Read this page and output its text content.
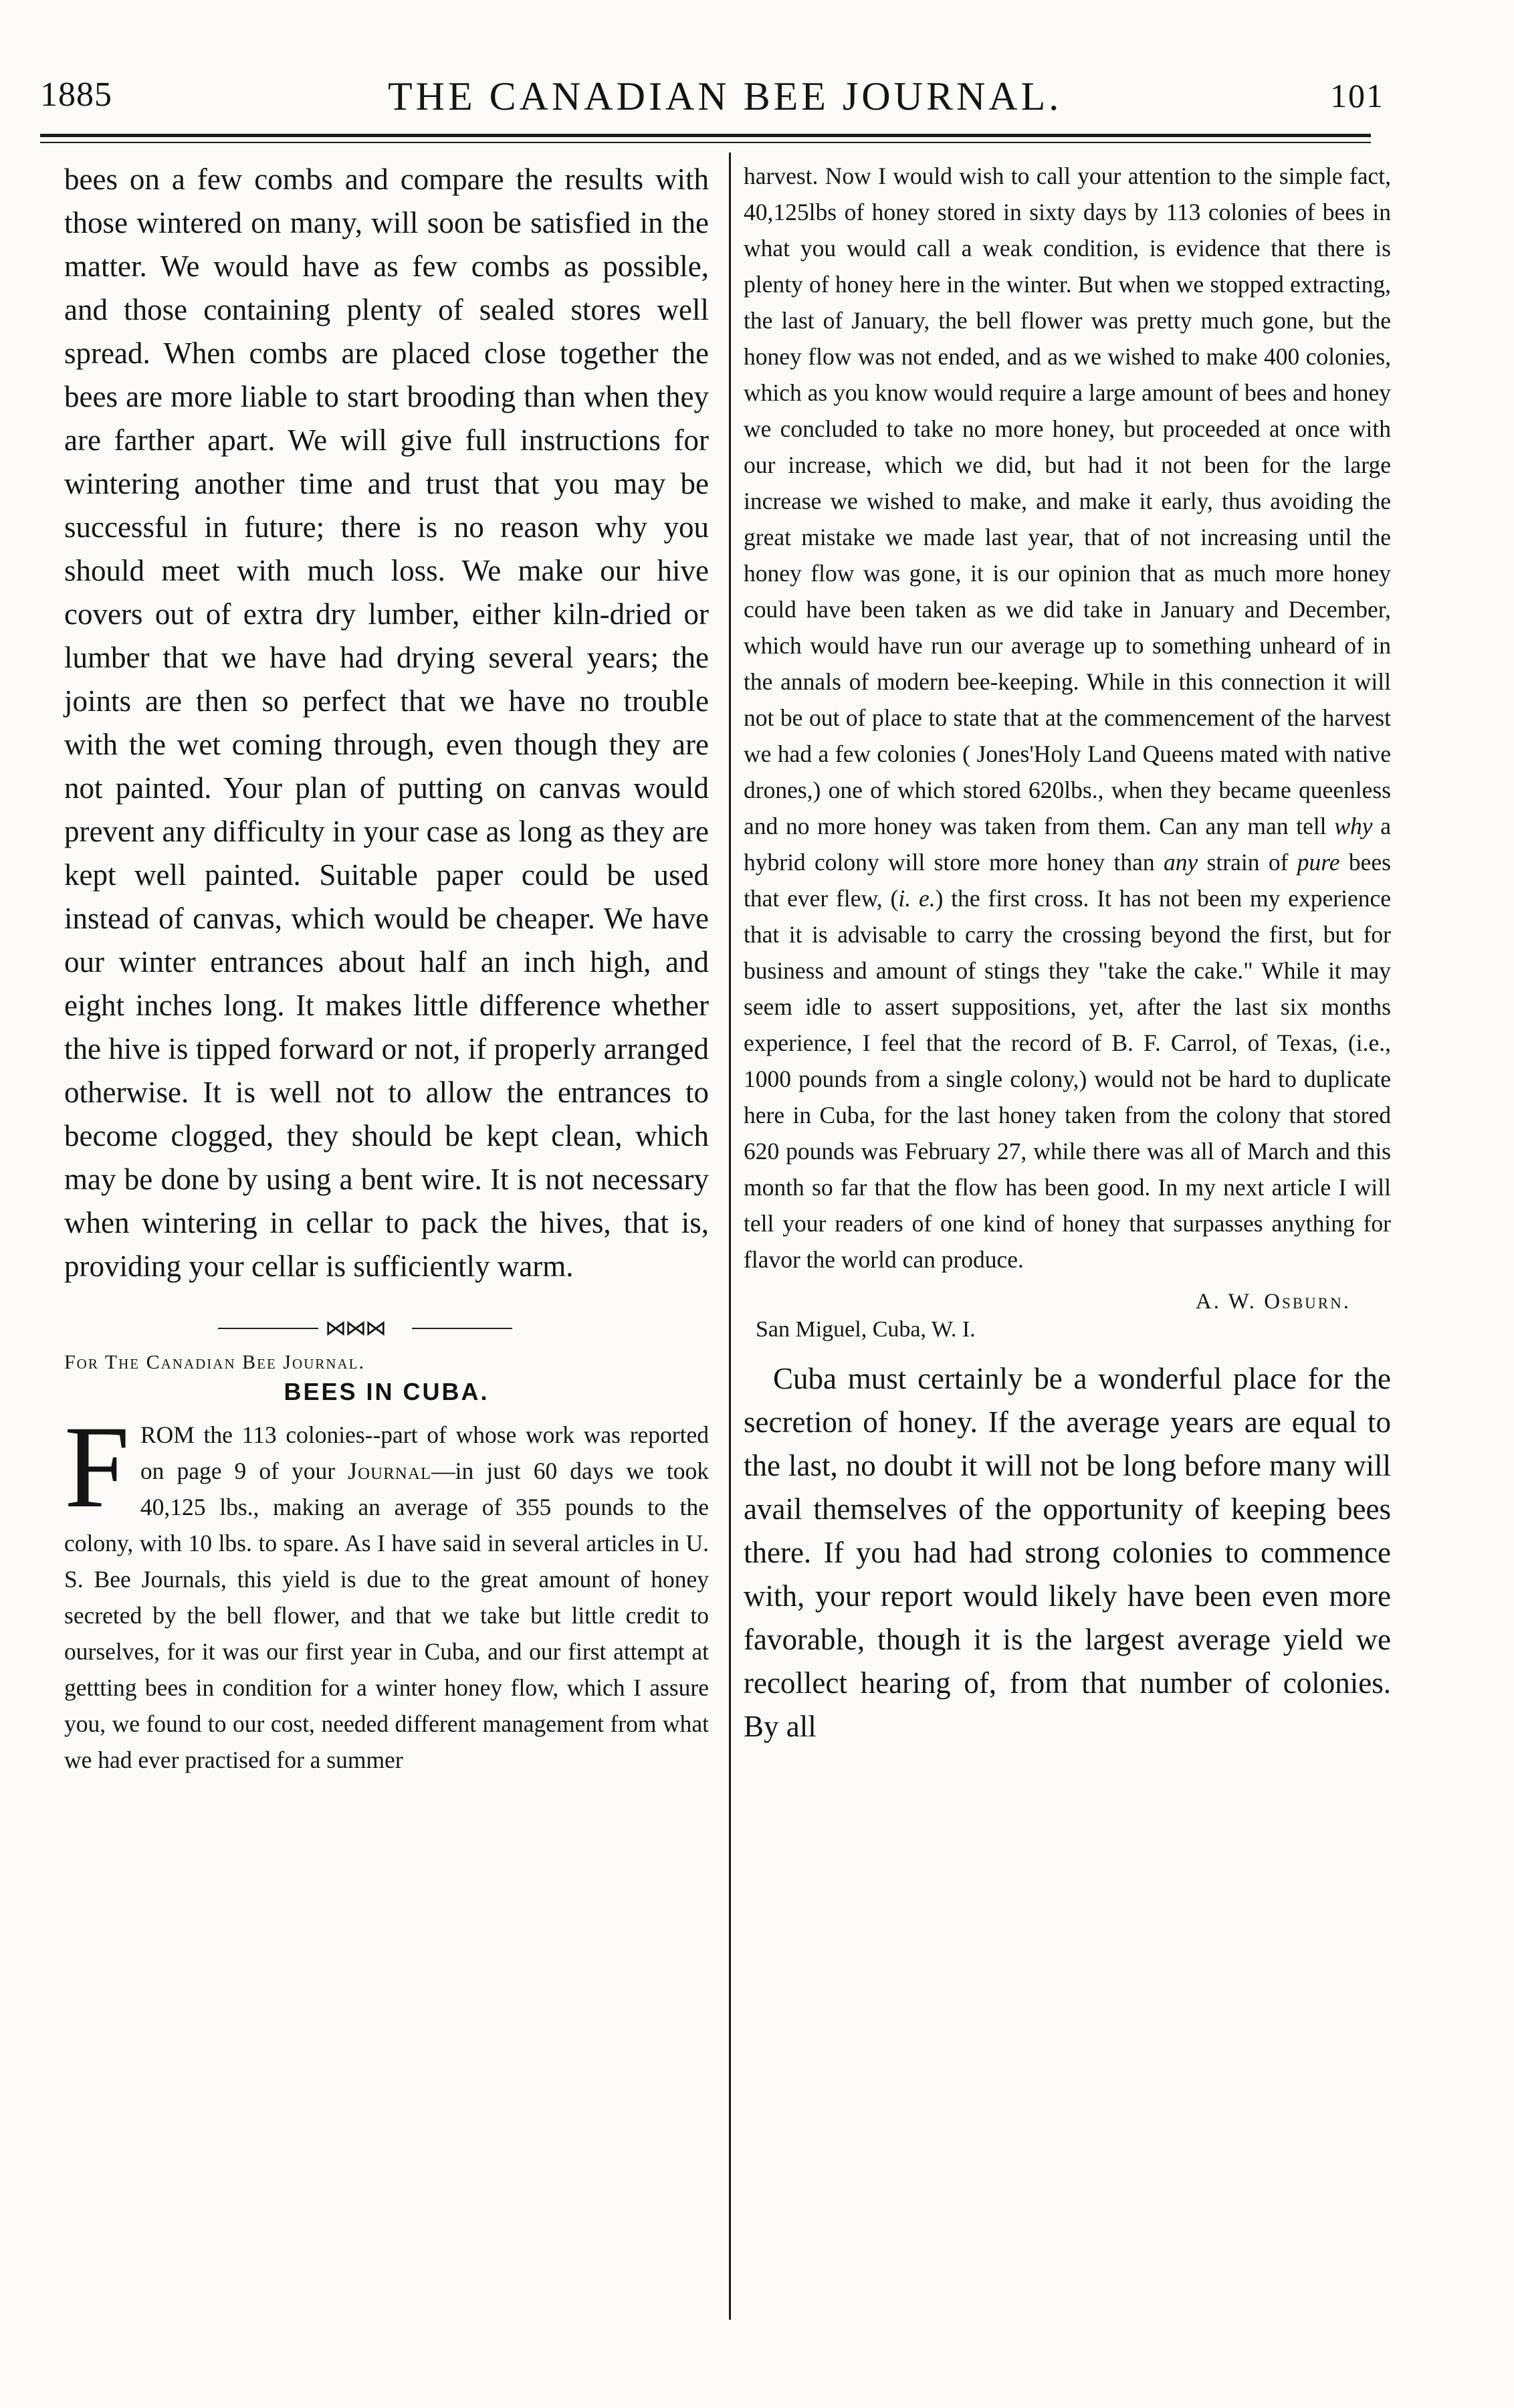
1885	THE CANADIAN BEE JOURNAL.	101

bees on a few combs and compare the results with those wintered on many, will soon be satisfied in the matter. We would have as few combs as possible, and those containing plenty of sealed stores well spread. When combs are placed close together the bees are more liable to start brooding than when they are farther apart. We will give full instructions for wintering another time and trust that you may be successful in future; there is no reason why you should meet with much loss. We make our hive covers out of extra dry lumber, either kiln-dried or lumber that we have had drying several years; the joints are then so perfect that we have no trouble with the wet coming through, even though they are not painted. Your plan of putting on canvas would prevent any difficulty in your case as long as they are kept well painted. Suitable paper could be used instead of canvas, which would be cheaper. We have our winter entrances about half an inch high, and eight inches long. It makes little difference whether the hive is tipped forward or not, if properly arranged otherwise. It is well not to allow the entrances to become clogged, they should be kept clean, which may be done by using a bent wire. It is not necessary when wintering in cellar to pack the hives, that is, providing your cellar is sufficiently warm.

⋈⋈⋈

For The Canadian Bee Journal.

BEES IN CUBA.
F ROM the 113 colonies--part of whose work was reported on page 9 of your Journal—in just 60 days we took 40,125 lbs., making an average of 355 pounds to the colony, with 10 lbs. to spare. As I have said in several articles in U. S. Bee Journals, this yield is due to the great amount of honey secreted by the bell flower, and that we take but little credit to ourselves, for it was our first year in Cuba, and our first attempt at gettting bees in condition for a winter honey flow, which I assure you, we found to our cost, needed different management from what we had ever practised for a summer

harvest. Now I would wish to call your attention to the simple fact, 40,125lbs of honey stored in sixty days by 113 colonies of bees in what you would call a weak condition, is evidence that there is plenty of honey here in the winter. But when we stopped extracting, the last of January, the bell flower was pretty much gone, but the honey flow was not ended, and as we wished to make 400 colonies, which as you know would require a large amount of bees and honey we concluded to take no more honey, but proceeded at once with our increase, which we did, but had it not been for the large increase we wished to make, and make it early, thus avoiding the great mistake we made last year, that of not increasing until the honey flow was gone, it is our opinion that as much more honey could have been taken as we did take in January and December, which would have run our average up to something unheard of in the annals of modern bee-keeping. While in this connection it will not be out of place to state that at the commencement of the harvest we had a few colonies ( Jones'Holy Land Queens mated with native drones,) one of which stored 620lbs., when they became queenless and no more honey was taken from them. Can any man tell why a hybrid colony will store more honey than any strain of pure bees that ever flew, (i. e.) the first cross. It has not been my experience that it is advisable to carry the crossing beyond the first, but for business and amount of stings they "take the cake." While it may seem idle to assert suppositions, yet, after the last six months experience, I feel that the record of B. F. Carrol, of Texas, (i.e., 1000 pounds from a single colony,) would not be hard to duplicate here in Cuba, for the last honey taken from the colony that stored 620 pounds was February 27, while there was all of March and this month so far that the flow has been good. In my next article I will tell your readers of one kind of honey that surpasses anything for flavor the world can produce.

A. W. Osburn.

San Miguel, Cuba, W. I.

Cuba must certainly be a wonderful place for the secretion of honey. If the average years are equal to the last, no doubt it will not be long before many will avail themselves of the opportunity of keeping bees there. If you had had strong colonies to commence with, your report would likely have been even more favorable, though it is the largest average yield we recollect hearing of, from that number of colonies. By all
